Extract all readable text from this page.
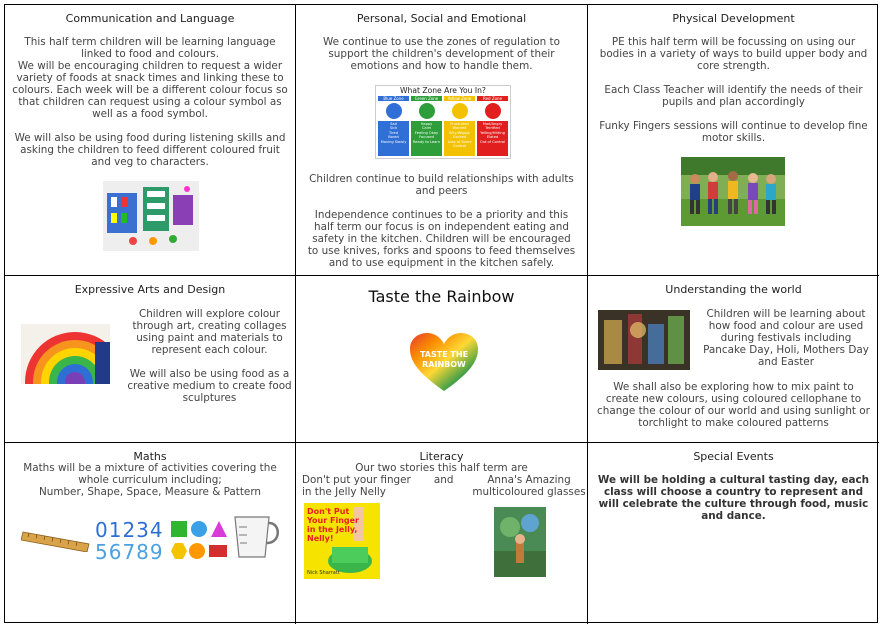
Communication and Language

This half term children will be learning language linked to food and colours.
We will be encouraging children to request a wider variety of foods at snack times and linking these to colours. Each week will be a different colour focus so that children can request using a colour symbol as well as a food symbol.

We will also be using food during listening skills and asking the children to feed different coloured fruit and veg to characters.

Personal, Social and Emotional
We continue to use the zones of regulation to support the children's development of their emotions and how to handle them.
What Zone Are You In?
Blue Zone
Sad
Sick
Tired
Bored
Moving Slowly
Green Zone
Happy
Calm
Feeling Okay
Focused
Ready to Learn
Yellow Zone
Frustrated
Worried
Silly/Wiggly
Excited
Loss of Some Control
Red Zone
Mad/Angry
Terrified
Yelling/Hitting
Elated
Out of Control
Children continue to build relationships with adults and peers
Independence continues to be a priority and this half term our focus is on independent eating and safety in the kitchen. Children will be encouraged to use knives, forks and spoons to feed themselves and to use equipment in the kitchen safely.
Physical Development

PE this half term will be focussing on using our bodies in a variety of ways to build upper body and core strength.

Each Class Teacher will identify the needs of their pupils and plan accordingly

Funky Fingers sessions will continue to develop fine motor skills.

Expressive Arts and Design

Children will explore colour through art, creating collages using paint and materials to represent each colour.

We will also be using food as a creative medium to create food sculptures

Taste the Rainbow
TASTE THE
RAINBOW
Understanding the world
Children will be learning about how food and colour are used during festivals including Pancake Day, Holi, Mothers Day and Easter
We shall also be exploring how to mix paint to create new colours, using coloured cellophane to change the colour of our world and using sunlight or torchlight to make coloured patterns
Maths
Maths will be a mixture of activities covering the whole curriculum including;
Number, Shape, Space, Measure & Pattern
01234
56789
Literacy
Our two stories this half term are
Don't put your finger       and
in the Jelly Nelly
Anna's Amazing
multicoloured glasses
Don't Put
Your Finger
in the Jelly,
Nelly!
Nick Sharratt
Special Events
We will be holding a cultural tasting day, each class will choose a country to represent and will celebrate the culture through food, music and dance.
